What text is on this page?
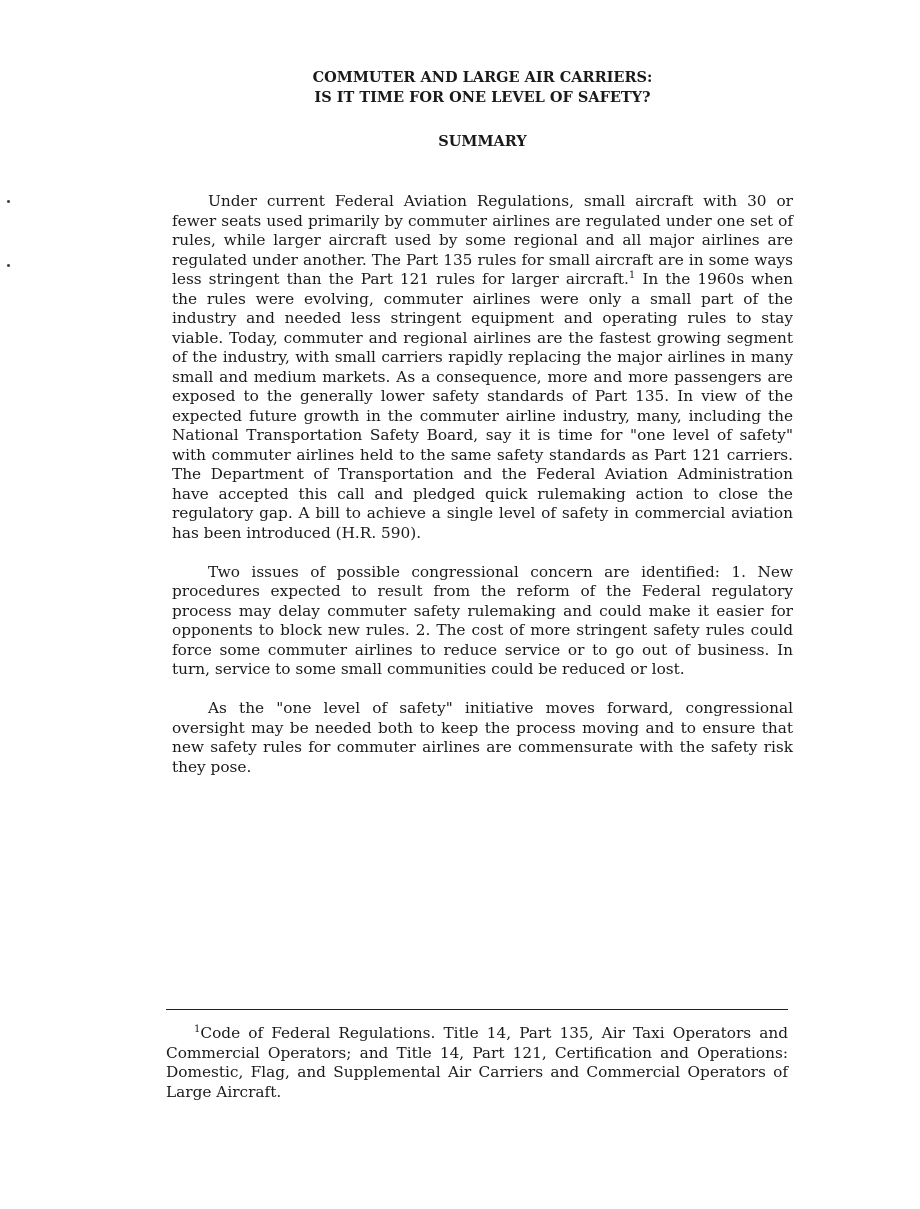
COMMUTER AND LARGE AIR CARRIERS:
IS IT TIME FOR ONE LEVEL OF SAFETY?
SUMMARY

Under current Federal Aviation Regulations, small aircraft with 30 or fewer seats used primarily by commuter airlines are regulated under one set of rules, while larger aircraft used by some regional and all major airlines are regulated under another. The Part 135 rules for small aircraft are in some ways less stringent than the Part 121 rules for larger aircraft.$^1$ In the 1960s when the rules were evolving, commuter airlines were only a small part of the industry and needed less stringent equipment and operating rules to stay viable. Today, commuter and regional airlines are the fastest growing segment of the industry, with small carriers rapidly replacing the major airlines in many small and medium markets. As a consequence, more and more passengers are exposed to the generally lower safety standards of Part 135. In view of the expected future growth in the commuter airline industry, many, including the National Transportation Safety Board, say it is time for "one level of safety" with commuter airlines held to the same safety standards as Part 121 carriers. The Department of Transportation and the Federal Aviation Administration have accepted this call and pledged quick rulemaking action to close the regulatory gap. A bill to achieve a single level of safety in commercial aviation has been introduced (H.R. 590).

Two issues of possible congressional concern are identified: 1. New procedures expected to result from the reform of the Federal regulatory process may delay commuter safety rulemaking and could make it easier for opponents to block new rules. 2. The cost of more stringent safety rules could force some commuter airlines to reduce service or to go out of business. In turn, service to some small communities could be reduced or lost.

As the "one level of safety" initiative moves forward, congressional oversight may be needed both to keep the process moving and to ensure that new safety rules for commuter airlines are commensurate with the safety risk they pose.

$^1$Code of Federal Regulations. Title 14, Part 135, Air Taxi Operators and Commercial Operators; and Title 14, Part 121, Certification and Operations: Domestic, Flag, and Supplemental Air Carriers and Commercial Operators of Large Aircraft.
